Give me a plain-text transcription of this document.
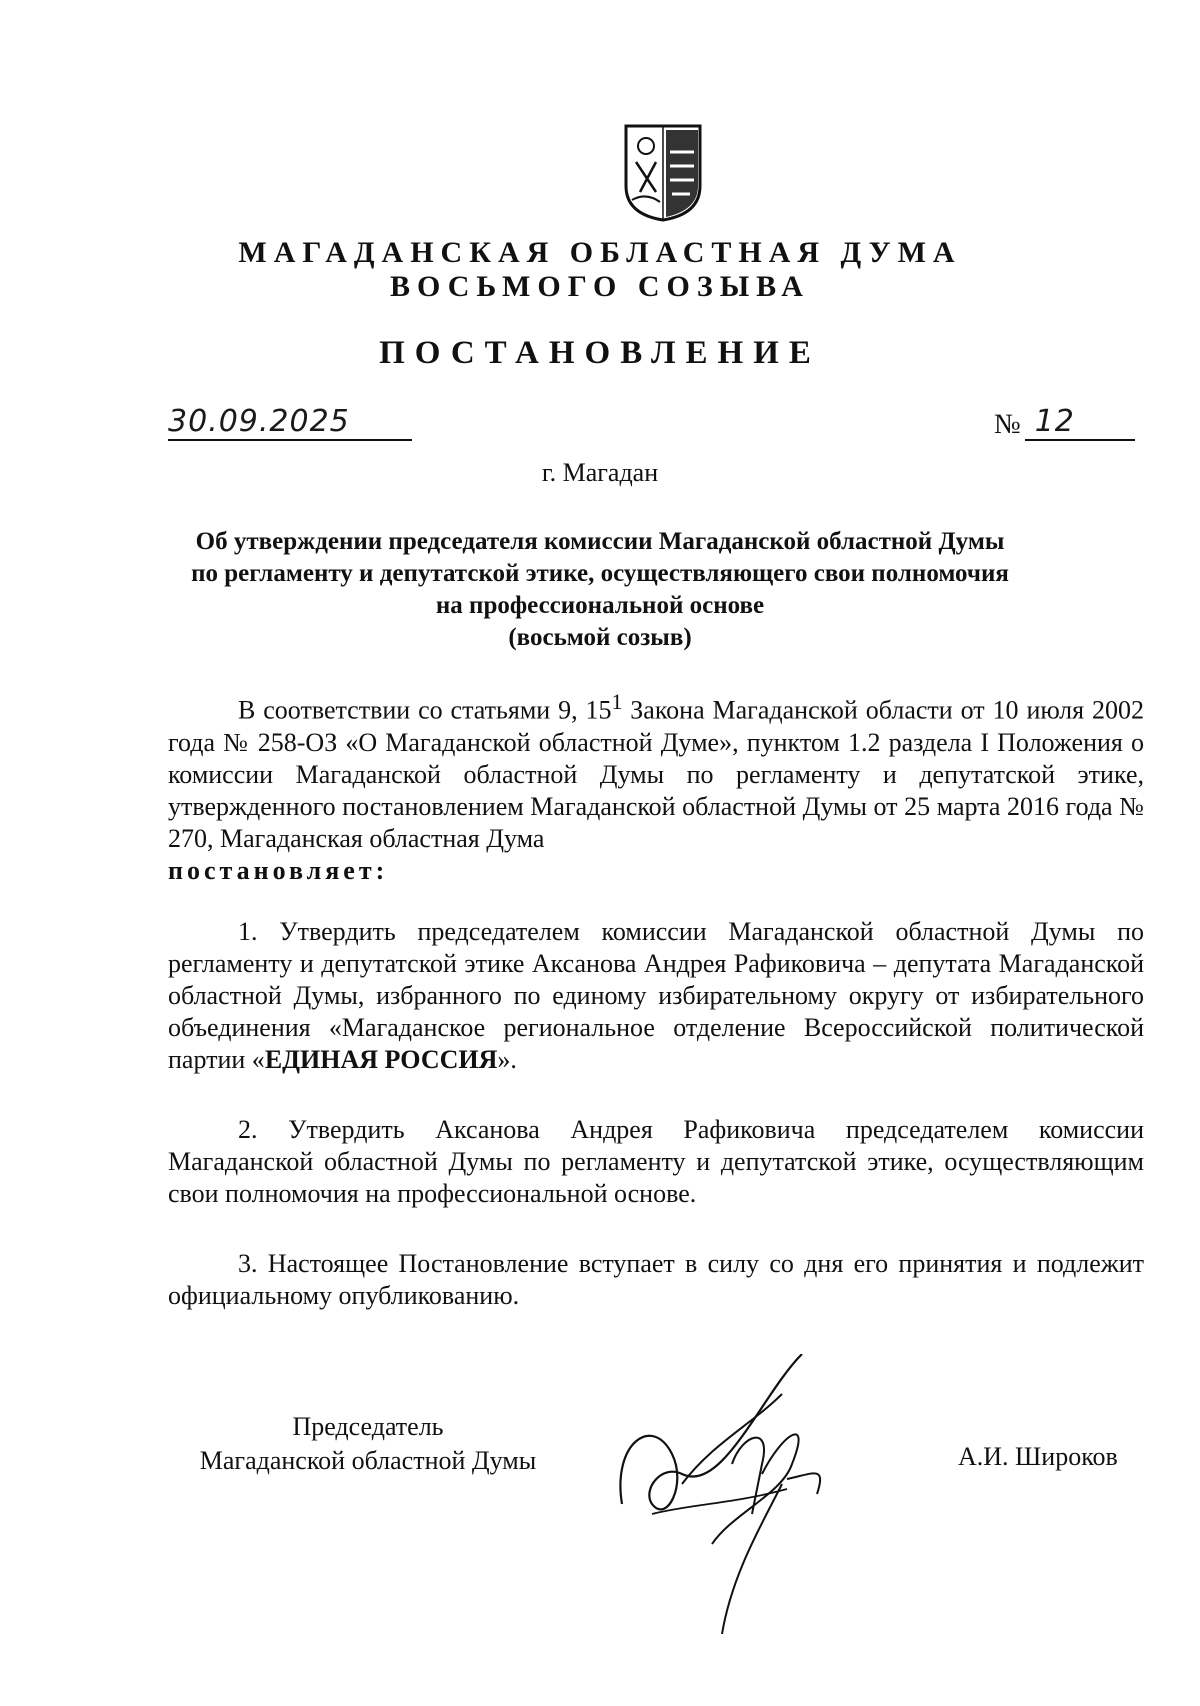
МАГАДАНСКАЯ ОБЛАСТНАЯ ДУМА
ВОСЬМОГО СОЗЫВА
ПОСТАНОВЛЕНИЕ
30.09.2025	№ 12
г. Магадан
Об утверждении председателя комиссии Магаданской областной Думы
по регламенту и депутатской этике, осуществляющего свои полномочия
на профессиональной основе
(восьмой созыв)
В соответствии со статьями 9, $15^1$ Закона Магаданской области от 10 июля 2002 года № 258-ОЗ «О Магаданской областной Думе», пунктом 1.2 раздела I Положения о комиссии Магаданской областной Думы по регламенту и депутатской этике, утвержденного постановлением Магаданской областной Думы от 25 марта 2016 года № 270, Магаданская областная Дума
постановляет:
1. Утвердить председателем комиссии Магаданской областной Думы по регламенту и депутатской этике Аксанова Андрея Рафиковича – депутата Магаданской областной Думы, избранного по единому избирательному округу от избирательного объединения «Магаданское региональное отделение Всероссийской политической партии «ЕДИНАЯ РОССИЯ».
2. Утвердить Аксанова Андрея Рафиковича председателем комиссии Магаданской областной Думы по регламенту и депутатской этике, осуществляющим свои полномочия на профессиональной основе.
3. Настоящее Постановление вступает в силу со дня его принятия и подлежит официальному опубликованию.
Председатель
Магаданской областной Думы	А.И. Широков
